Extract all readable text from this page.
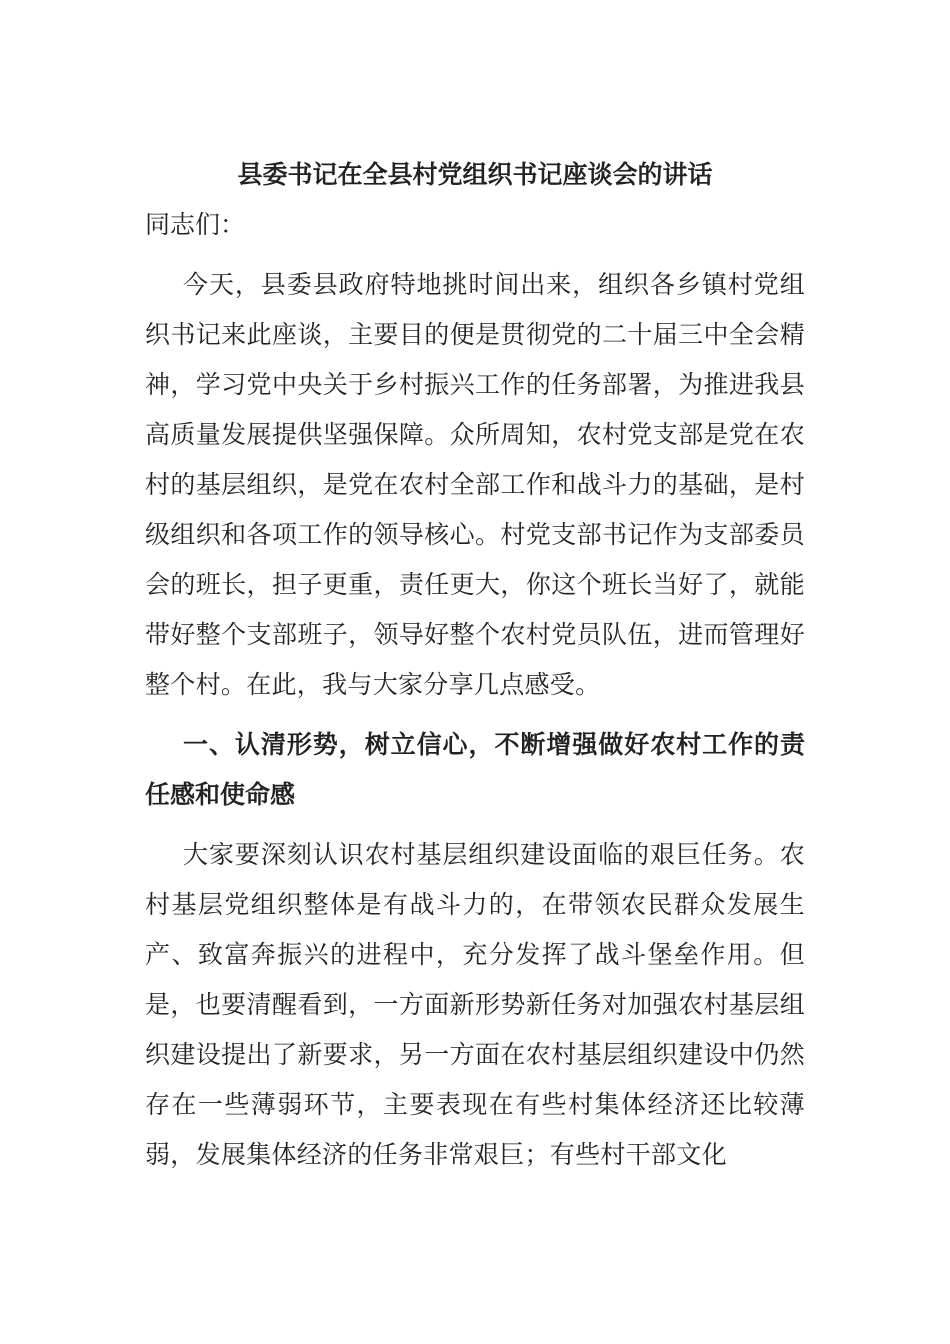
县委书记在全县村党组织书记座谈会的讲话

同志们：

今天，县委县政府特地挑时间出来，组织各乡镇村党组织书记来此座谈，主要目的便是贯彻党的二十届三中全会精神，学习党中央关于乡村振兴工作的任务部署，为推进我县高质量发展提供坚强保障。众所周知，农村党支部是党在农村的基层组织，是党在农村全部工作和战斗力的基础，是村级组织和各项工作的领导核心。村党支部书记作为支部委员会的班长，担子更重，责任更大，你这个班长当好了，就能带好整个支部班子，领导好整个农村党员队伍，进而管理好整个村。在此，我与大家分享几点感受。

一、认清形势，树立信心，不断增强做好农村工作的责任感和使命感

大家要深刻认识农村基层组织建设面临的艰巨任务。农村基层党组织整体是有战斗力的，在带领农民群众发展生产、致富奔振兴的进程中，充分发挥了战斗堡垒作用。但是，也要清醒看到，一方面新形势新任务对加强农村基层组织建设提出了新要求，另一方面在农村基层组织建设中仍然存在一些薄弱环节，主要表现在有些村集体经济还比较薄弱，发展集体经济的任务非常艰巨；有些村干部文化
